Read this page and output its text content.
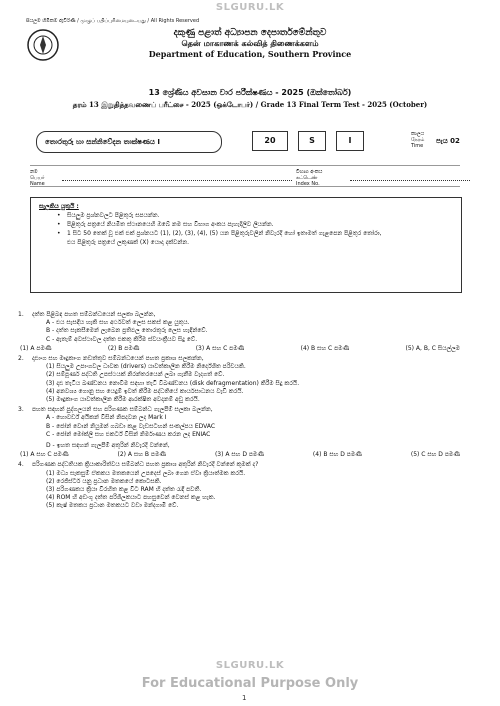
SLGURU.LK
සියලුම හිමිකම් ඇවිරිණි / முழுப் பதிப்புரிமையுடையது / All Rights Reserved
දකුණු පළාත් අධ්‍යාපන දෙපාර්තමේන්තුව
தென் மாகாணக் கல்வித் திணைக்களம்
Department of Education, Southern Province
13 ශ්‍රේණිය අවසාන වාර පරීක්ෂණය - 2025 (ඔක්තෝබර්)
தரம் 13 இறுதித்தவணைப் பரீட்சை - 2025 (ஒக்டோபர்) / Grade 13 Final Term Test - 2025 (October)
තොරතුරු හා සන්නිවේදන තාක්ෂණය I	20	S	I
කාලය
நேரம்
Time
පැය 02
නම
பெயர்
Name
විභාග අංකය
சுட்டெண்
Index No.
සැලකිය යුතුයි :
• සියලුම ප්‍රශ්නවලට පිළිතුරු සපයන්න.
• පිළිතුරු පත්‍රයේ නියමිත ස්ථානයෙහි ඔබේ නම සහ විභාග අංකය පැහැදිලිව ලියන්න.
• 1 සිට 50 තෙක් වූ එක් එක් ප්‍රශ්නයට (1), (2), (3), (4), (5) යන පිළිතුරුවලින් නිවැරදි හෝ ඉතාමත් ගැළපෙන පිළිතුර තෝරා,
එය පිළිතුරු පත්‍රයේ ලකුණක් (X) යොදා දක්වන්න.
1.	දත්ත පිළිබඳ පහත සම්බන්ධයෙන් සලකා බලන්න,
A - එය සැසඳිය හැකි සහ අර්ථවත් ලෙස සකස් කළ යුතුය.
B - දත්ත සැකසීමෙන් ලැබෙන ප්‍රතිඵල තොරතුරු ලෙස හැඳින්වේ.
C - ඇතැම් අවස්ථාවල දත්ත එකතු කිරීම ස්වයංක්‍රීයව සිදු වේ.
(1) A පමණි	(2) B පමණි	(3) A සහ C පමණි	(4) B සහ C පමණි	(5) A, B, C සියල්ලම
2.	දෘඪාංග සහ මෘදුකාංග නඩත්තුව සම්බන්ධයෙන් පහත ප්‍රකාශ සලකන්න,
(1) සියලුම උපාංගවල ධාවක (drivers) යාවත්කාලීන කිරීම නිර්දේශිත පරිචයකි.
(2) සම්පූර්ණ පද්ධති උපස්ථයක් නිරන්තරයෙන් ලබා ගැනීම වැදගත් වේ.
(3) දෘඪ තැටිය ඛණ්ඩනය නොවීම සඳහා තැටි විඛණ්ඩනය (disk defragmentation) කිරීම සිදු කරයි.
(4) අනවශ්‍ය ගොනු සහ යෙදුම් ඉවත් කිරීම පද්ධතියේ කාර්යසාධනය වැඩි කරයි.
(5) මෘදුකාංග යාවත්කාලීන කිරීම ආරක්ෂිත අවදානම් අඩු කරයි.
3.	පහත සඳහන් පුද්ගලයන් සහ පරිගණක සම්බන්ධ ගැලපීම් සලකා බලන්න,
A - හොවර්ඩ් අයිකන් විසින් නිපදවන ලද Mark I
B - ජෝන් වොන් නියුමන් ගබඩා කළ වැඩසටහන් සංකල්පය EDVAC
C - ජෝන් මෝක්ලි සහ එකර්ට් විසින් නිර්මාණය කරන ලද ENIAC
D - ඉහත සඳහන් ගැලපීම් අතුරින් නිවැරදි වන්නේ,
(1) A සහ C පමණි	(2) A සහ B පමණි	(3) A සහ D පමණි	(4) B සහ D පමණි	(5) C සහ D පමණි
4.	පරිගණක පද්ධතියක ක්‍රියාකාරිත්වය සම්බන්ධ පහත ප්‍රකාශ අතුරින් නිවැරදි වන්නේ කුමක් ද?
(1) මධ්‍ය සැකසුම් ඒකකය මතකයෙන් උපදෙස් ලබා ගෙන ඒවා ක්‍රියාත්මක කරයි.
(2) රෙජිස්ටර් යනු ප්‍රධාන මතකයේ කොටසකි.
(3) පරිගණකය ක්‍රියා විරහිත කළ විට RAM හි දත්ත රැඳී පවතී.
(4) ROM හි අඩංගු දත්ත පරිශීලකයාට පහසුවෙන් වෙනස් කළ හැක.
(5) කැෂ් මතකය ප්‍රධාන මතකයට වඩා මන්දගාමී වේ.
SLGURU.LK
For Educational Purpose Only
1
